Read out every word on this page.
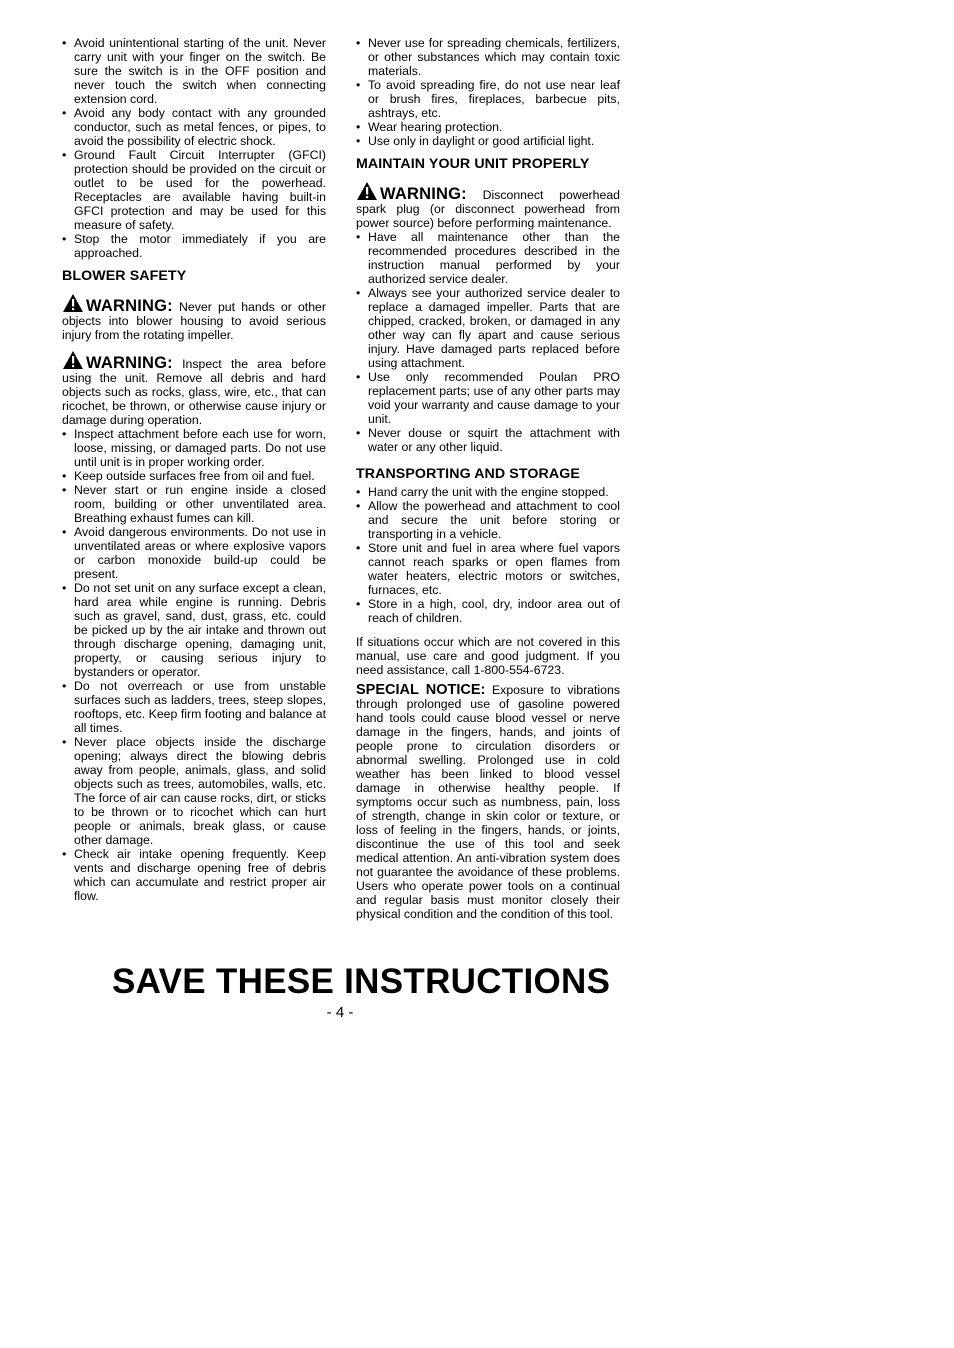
• Avoid unintentional starting of the unit. Never carry unit with your finger on the switch. Be sure the switch is in the OFF position and never touch the switch when connecting extension cord.
• Avoid any body contact with any grounded conductor, such as metal fences, or pipes, to avoid the possibility of electric shock.
• Ground Fault Circuit Interrupter (GFCI) protection should be provided on the circuit or outlet to be used for the powerhead. Receptacles are available having built-in GFCI protection and may be used for this measure of safety.
• Stop the motor immediately if you are approached.
BLOWER SAFETY

WARNING: Never put hands or other objects into blower housing to avoid serious injury from the rotating impeller.

WARNING: Inspect the area before using the unit. Remove all debris and hard objects such as rocks, glass, wire, etc., that can ricochet, be thrown, or otherwise cause injury or damage during operation.

• Inspect attachment before each use for worn, loose, missing, or damaged parts. Do not use until unit is in proper working order.
• Keep outside surfaces free from oil and fuel.
• Never start or run engine inside a closed room, building or other unventilated area. Breathing exhaust fumes can kill.
• Avoid dangerous environments. Do not use in unventilated areas or where explosive vapors or carbon monoxide build-up could be present.
• Do not set unit on any surface except a clean, hard area while engine is running. Debris such as gravel, sand, dust, grass, etc. could be picked up by the air intake and thrown out through discharge opening, damaging unit, property, or causing serious injury to bystanders or operator.
• Do not overreach or use from unstable surfaces such as ladders, trees, steep slopes, rooftops, etc. Keep firm footing and balance at all times.
• Never place objects inside the discharge opening; always direct the blowing debris away from people, animals, glass, and solid objects such as trees, automobiles, walls, etc. The force of air can cause rocks, dirt, or sticks to be thrown or to ricochet which can hurt people or animals, break glass, or cause other damage.
• Check air intake opening frequently. Keep vents and discharge opening free of debris which can accumulate and restrict proper air flow.
• Never use for spreading chemicals, fertilizers, or other substances which may contain toxic materials.
• To avoid spreading fire, do not use near leaf or brush fires, fireplaces, barbecue pits, ashtrays, etc.
• Wear hearing protection.
• Use only in daylight or good artificial light.
MAINTAIN YOUR UNIT PROPERLY

WARNING: Disconnect powerhead spark plug (or disconnect powerhead from power source) before performing maintenance.

• Have all maintenance other than the recommended procedures described in the instruction manual performed by your authorized service dealer.
• Always see your authorized service dealer to replace a damaged impeller. Parts that are chipped, cracked, broken, or damaged in any other way can fly apart and cause serious injury. Have damaged parts replaced before using attachment.
• Use only recommended Poulan PRO replacement parts; use of any other parts may void your warranty and cause damage to your unit.
• Never douse or squirt the attachment with water or any other liquid.
TRANSPORTING AND STORAGE
• Hand carry the unit with the engine stopped.
• Allow the powerhead and attachment to cool and secure the unit before storing or transporting in a vehicle.
• Store unit and fuel in area where fuel vapors cannot reach sparks or open flames from water heaters, electric motors or switches, furnaces, etc.
• Store in a high, cool, dry, indoor area out of reach of children.

If situations occur which are not covered in this manual, use care and good judgment. If you need assistance, call 1-800-554-6723.

SPECIAL NOTICE: Exposure to vibrations through prolonged use of gasoline powered hand tools could cause blood vessel or nerve damage in the fingers, hands, and joints of people prone to circulation disorders or abnormal swelling. Prolonged use in cold weather has been linked to blood vessel damage in otherwise healthy people. If symptoms occur such as numbness, pain, loss of strength, change in skin color or texture, or loss of feeling in the fingers, hands, or joints, discontinue the use of this tool and seek medical attention. An anti-vibration system does not guarantee the avoidance of these problems. Users who operate power tools on a continual and regular basis must monitor closely their physical condition and the condition of this tool.

SAVE THESE INSTRUCTIONS
- 4 -
